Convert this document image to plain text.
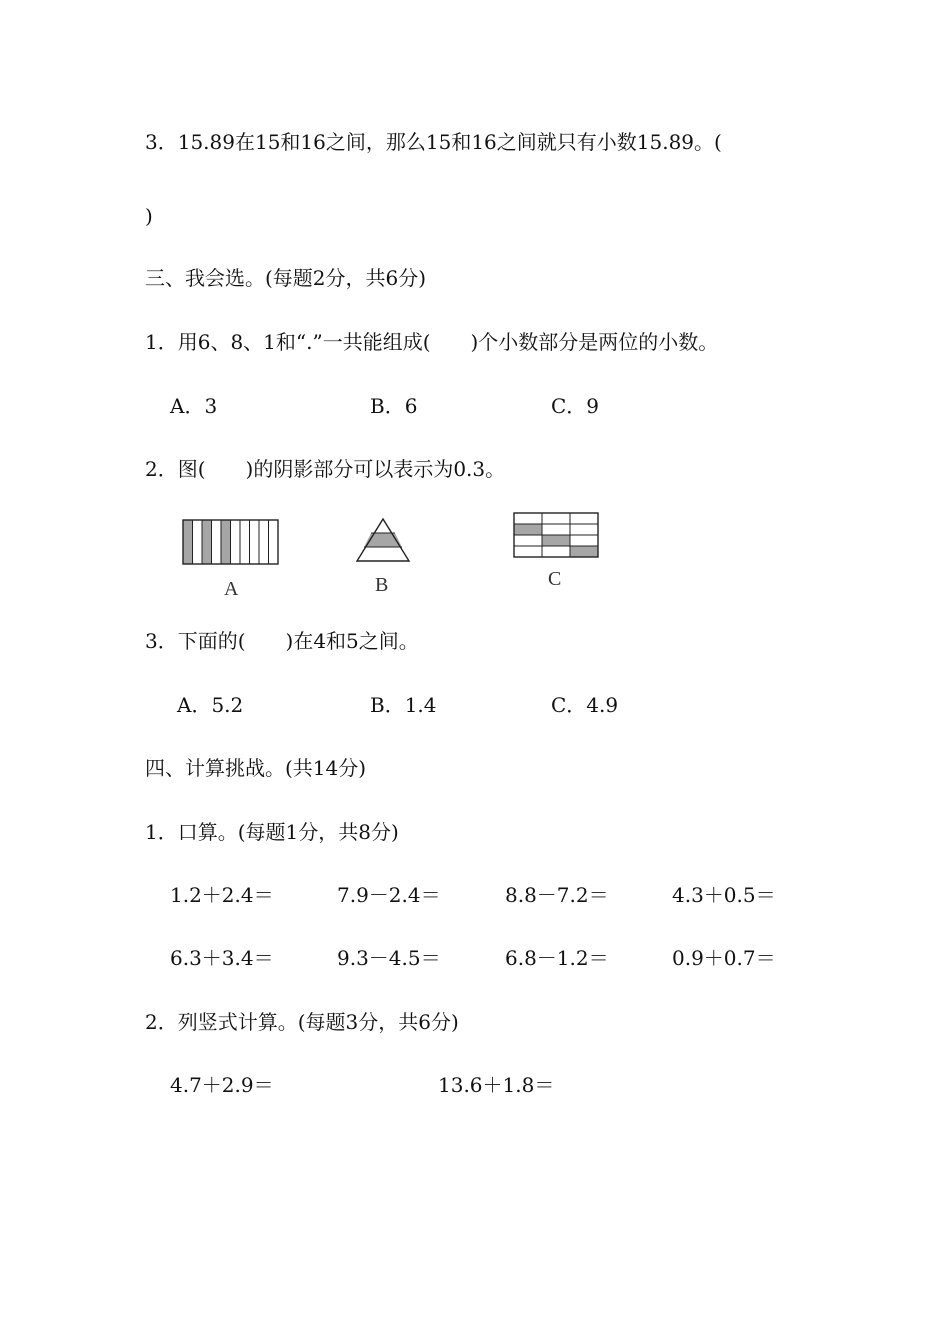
3．15.89在15和16之间，那么15和16之间就只有小数15.89。(
)
三、我会选。(每题2分，共6分)
1．用6、8、1和“.”一共能组成(　　)个小数部分是两位的小数。
A．3	B．6	C．9
2．图(　　)的阴影部分可以表示为0.3。
A	B	C
3．下面的(　　)在4和5之间。
A．5.2	B．1.4	C．4.9
四、计算挑战。(共14分)
1．口算。(每题1分，共8分)
1.2＋2.4＝	7.9－2.4＝	8.8－7.2＝	4.3＋0.5＝
6.3＋3.4＝	9.3－4.5＝	6.8－1.2＝	0.9＋0.7＝
2．列竖式计算。(每题3分，共6分)
4.7＋2.9＝	13.6＋1.8＝
